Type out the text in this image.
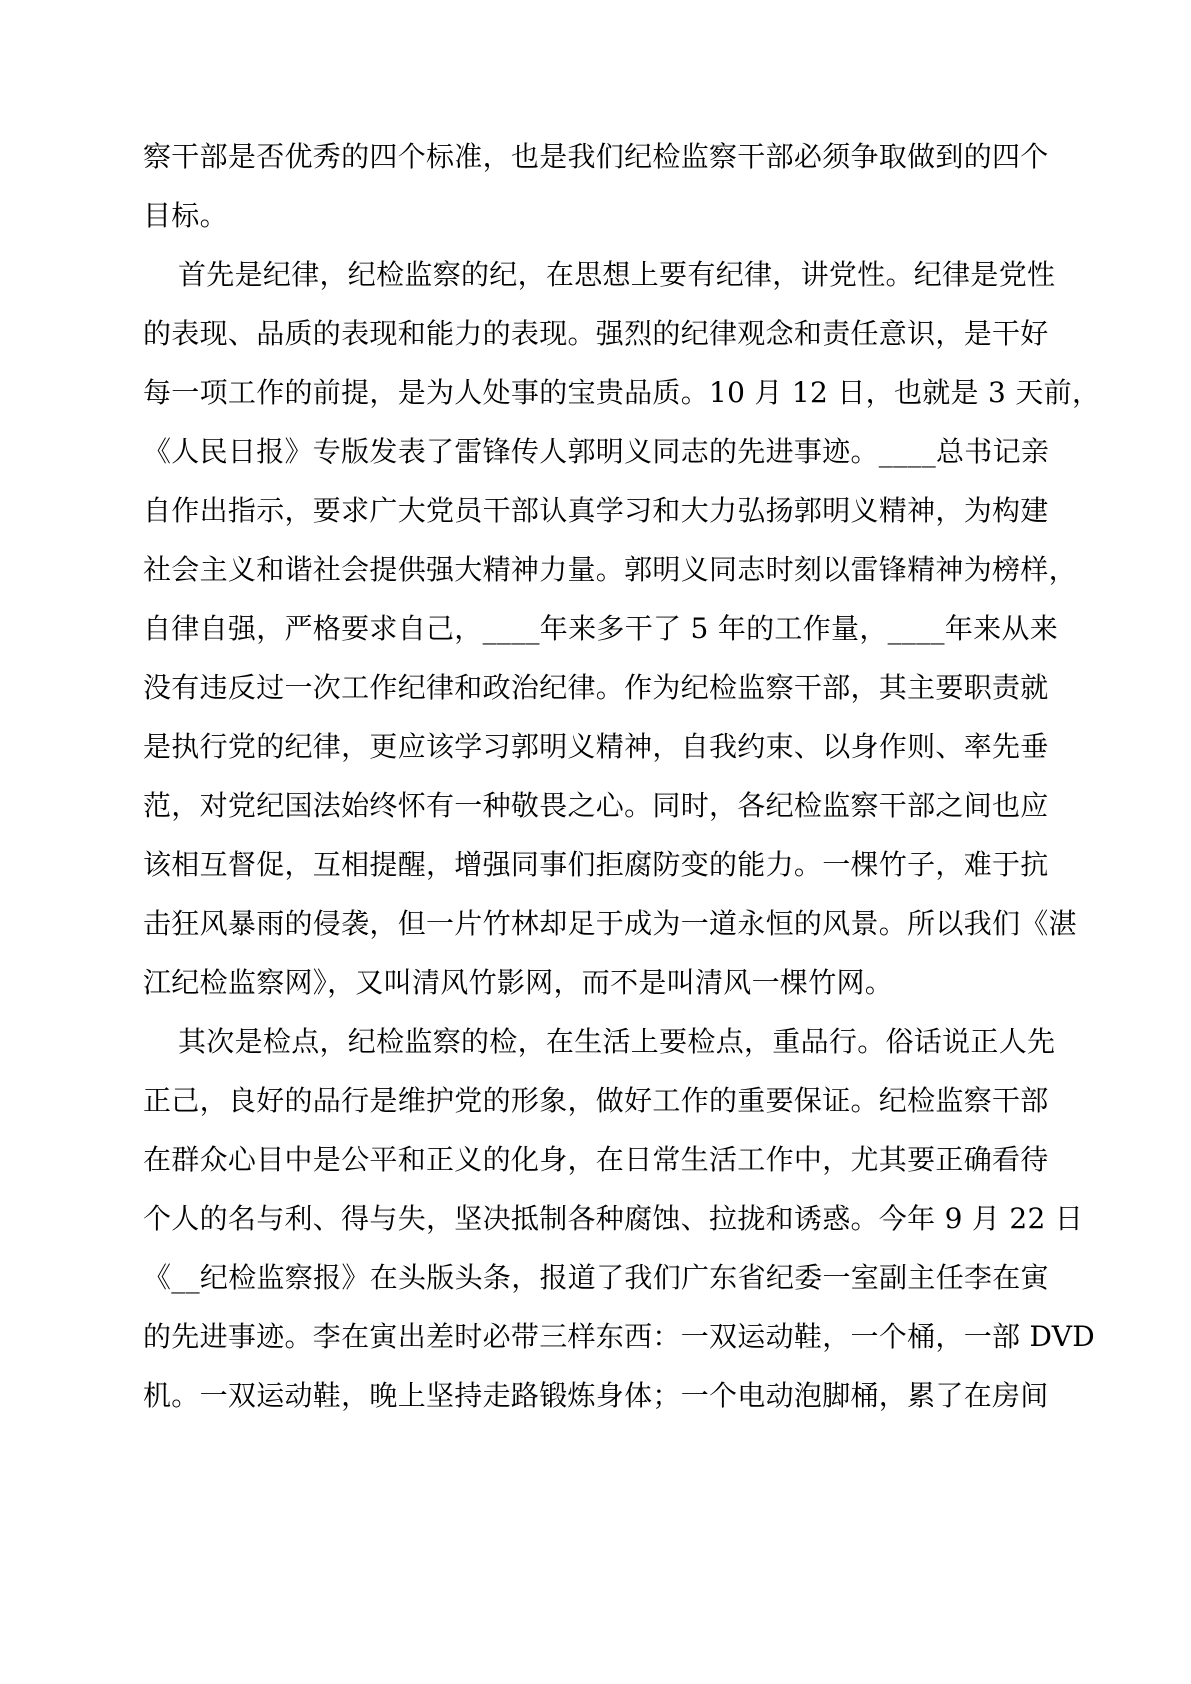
察干部是否优秀的四个标准，也是我们纪检监察干部必须争取做到的四个
目标。
首先是纪律，纪检监察的纪，在思想上要有纪律，讲党性。纪律是党性
的表现、品质的表现和能力的表现。强烈的纪律观念和责任意识，是干好
每一项工作的前提，是为人处事的宝贵品质。10 月 12 日，也就是 3 天前，
《人民日报》专版发表了雷锋传人郭明义同志的先进事迹。____总书记亲
自作出指示，要求广大党员干部认真学习和大力弘扬郭明义精神，为构建
社会主义和谐社会提供强大精神力量。郭明义同志时刻以雷锋精神为榜样，
自律自强，严格要求自己，____年来多干了 5 年的工作量，____年来从来
没有违反过一次工作纪律和政治纪律。作为纪检监察干部，其主要职责就
是执行党的纪律，更应该学习郭明义精神，自我约束、以身作则、率先垂
范，对党纪国法始终怀有一种敬畏之心。同时，各纪检监察干部之间也应
该相互督促，互相提醒，增强同事们拒腐防变的能力。一棵竹子，难于抗
击狂风暴雨的侵袭，但一片竹林却足于成为一道永恒的风景。所以我们《湛
江纪检监察网》，又叫清风竹影网，而不是叫清风一棵竹网。
其次是检点，纪检监察的检，在生活上要检点，重品行。俗话说正人先
正己，良好的品行是维护党的形象，做好工作的重要保证。纪检监察干部
在群众心目中是公平和正义的化身，在日常生活工作中，尤其要正确看待
个人的名与利、得与失，坚决抵制各种腐蚀、拉拢和诱惑。今年 9 月 22 日
《__纪检监察报》在头版头条，报道了我们广东省纪委一室副主任李在寅
的先进事迹。李在寅出差时必带三样东西：一双运动鞋，一个桶，一部 DVD
机。一双运动鞋，晚上坚持走路锻炼身体；一个电动泡脚桶，累了在房间
